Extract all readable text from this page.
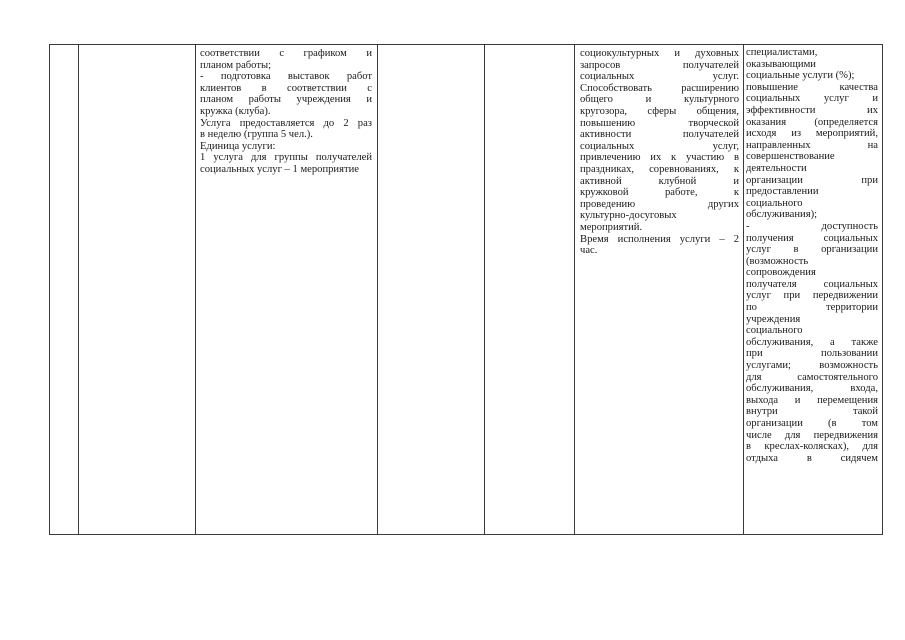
соответствии с графиком и
планом работы;
- подготовка выставок работ
клиентов в соответствии с
планом работы учреждения и
кружка (клуба).
Услуга предоставляется до 2 раз
в неделю (группа 5 чел.).
Единица услуги:
1 услуга для группы получателей
социальных услуг – 1 мероприятие
социокультурных и духовных
запросов получателей
социальных услуг.
Способствовать расширению
общего и культурного
кругозора, сферы общения,
повышению творческой
активности получателей
социальных услуг,
привлечению их к участию в
праздниках, соревнованиях, к
активной клубной и
кружковой работе, к
проведению других
культурно-досуговых
мероприятий.
Время исполнения услуги – 2
час.
специалистами,
оказывающими
социальные услуги (%);
повышение качества
социальных услуг и
эффективности их
оказания (определяется
исходя из мероприятий,
направленных на
совершенствование
деятельности
организации при
предоставлении
социального
обслуживания);
- доступность
получения социальных
услуг в организации
(возможность
сопровождения
получателя социальных
услуг при передвижении
по территории
учреждения
социального
обслуживания, а также
при пользовании
услугами; возможность
для самостоятельного
обслуживания, входа,
выхода и перемещения
внутри такой
организации (в том
числе для передвижения
в креслах-колясках), для
отдыха в сидячем
